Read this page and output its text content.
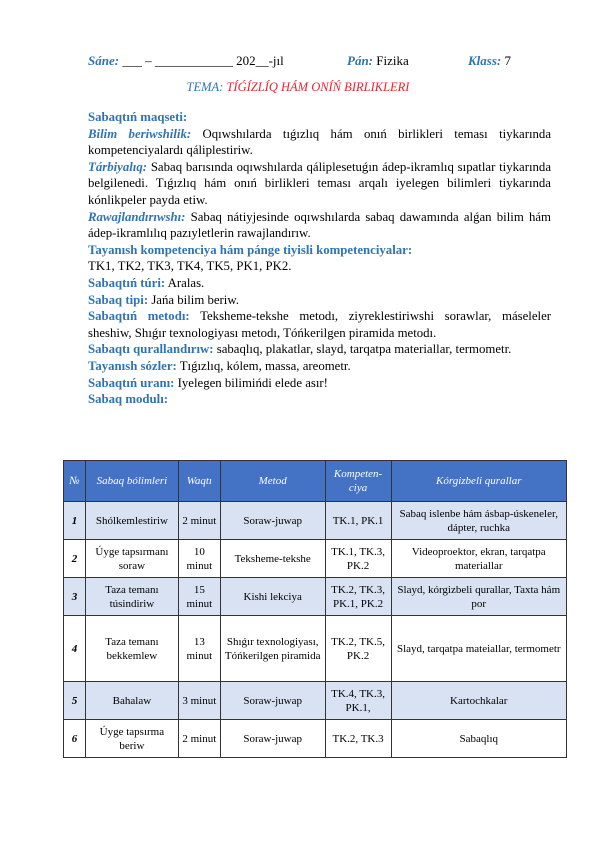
Sáne: ___ – ____________ 202__-jıl	Pán: Fizika	Klass: 7
TEMA: TÍǴÍZLÍQ HÁM ONÍŃ BIRLIKLERI

Sabaqtıń maqseti:

Bilim beriwshilik: Oqıwshılarda tıǵızlıq hám onıń birlikleri teması tiykarında kompetenciyalardı qáliplestiriw.

Tárbiyalıq: Sabaq barısında oqıwshılarda qáliplesetuǵın ádep-ikramlıq sıpatlar tiykarında belgilenedi. Tıǵızlıq hám onıń birlikleri teması arqalı iyelegen bilimleri tiykarında kónlikpeler payda etiw.

Rawajlandırıwshı: Sabaq nátiyjesinde oqıwshılarda sabaq dawamında alǵan bilim hám ádep-ikramlılıq pazıyletlerin rawajlandırıw.

Tayanısh kompetenciya hám pánge tiyisli kompetenciyalar:

TK1, TK2, TK3, TK4, TK5, PK1, PK2.

Sabaqtıń túri: Aralas.

Sabaq tipi: Jańa bilim beriw.

Sabaqtıń metodı: Teksheme-tekshe metodı, ziyreklestiriwshi sorawlar, máseleler sheshiw, Shıǵır texnologiyası metodı, Tóńkerilgen piramida metodı.

Sabaqtı qurallandırıw: sabaqlıq, plakatlar, slayd, tarqatpa materiallar, termometr.

Tayanısh sózler: Tıǵızlıq, kólem, massa, areometr.

Sabaqtıń uranı: Iyelegen bilimińdi elede asır!

Sabaq modulı:

№	Sabaq bólimleri	Waqtı	Metod	Kompeten-ciya	Kórgizbeli qurallar
1	Shólkemlestiriw	2 minut	Soraw-juwap	TK.1, PK.1	Sabaq islenbe hám ásbap-úskeneler, dápter, ruchka
2	Úyge tapsırmanı soraw	10 minut	Teksheme-tekshe	TK.1, TK.3, PK.2	Videoproektor, ekran, tarqatpa materiallar
3	Taza temanı túsindiriw	15 minut	Kishi lekciya	TK.2, TK.3, PK.1, PK.2	Slayd, kórgizbeli qurallar, Taxta hám por
4	Taza temanı bekkemlew	13 minut	Shıǵır texnologiyası, Tóńkerilgen piramida	TK.2, TK.5, PK.2	Slayd, tarqatpa mateiallar, termometr
5	Bahalaw	3 minut	Soraw-juwap	TK.4, TK.3, PK.1,	Kartochkalar
6	Úyge tapsırma beriw	2 minut	Soraw-juwap	TK.2, TK.3	Sabaqlıq
